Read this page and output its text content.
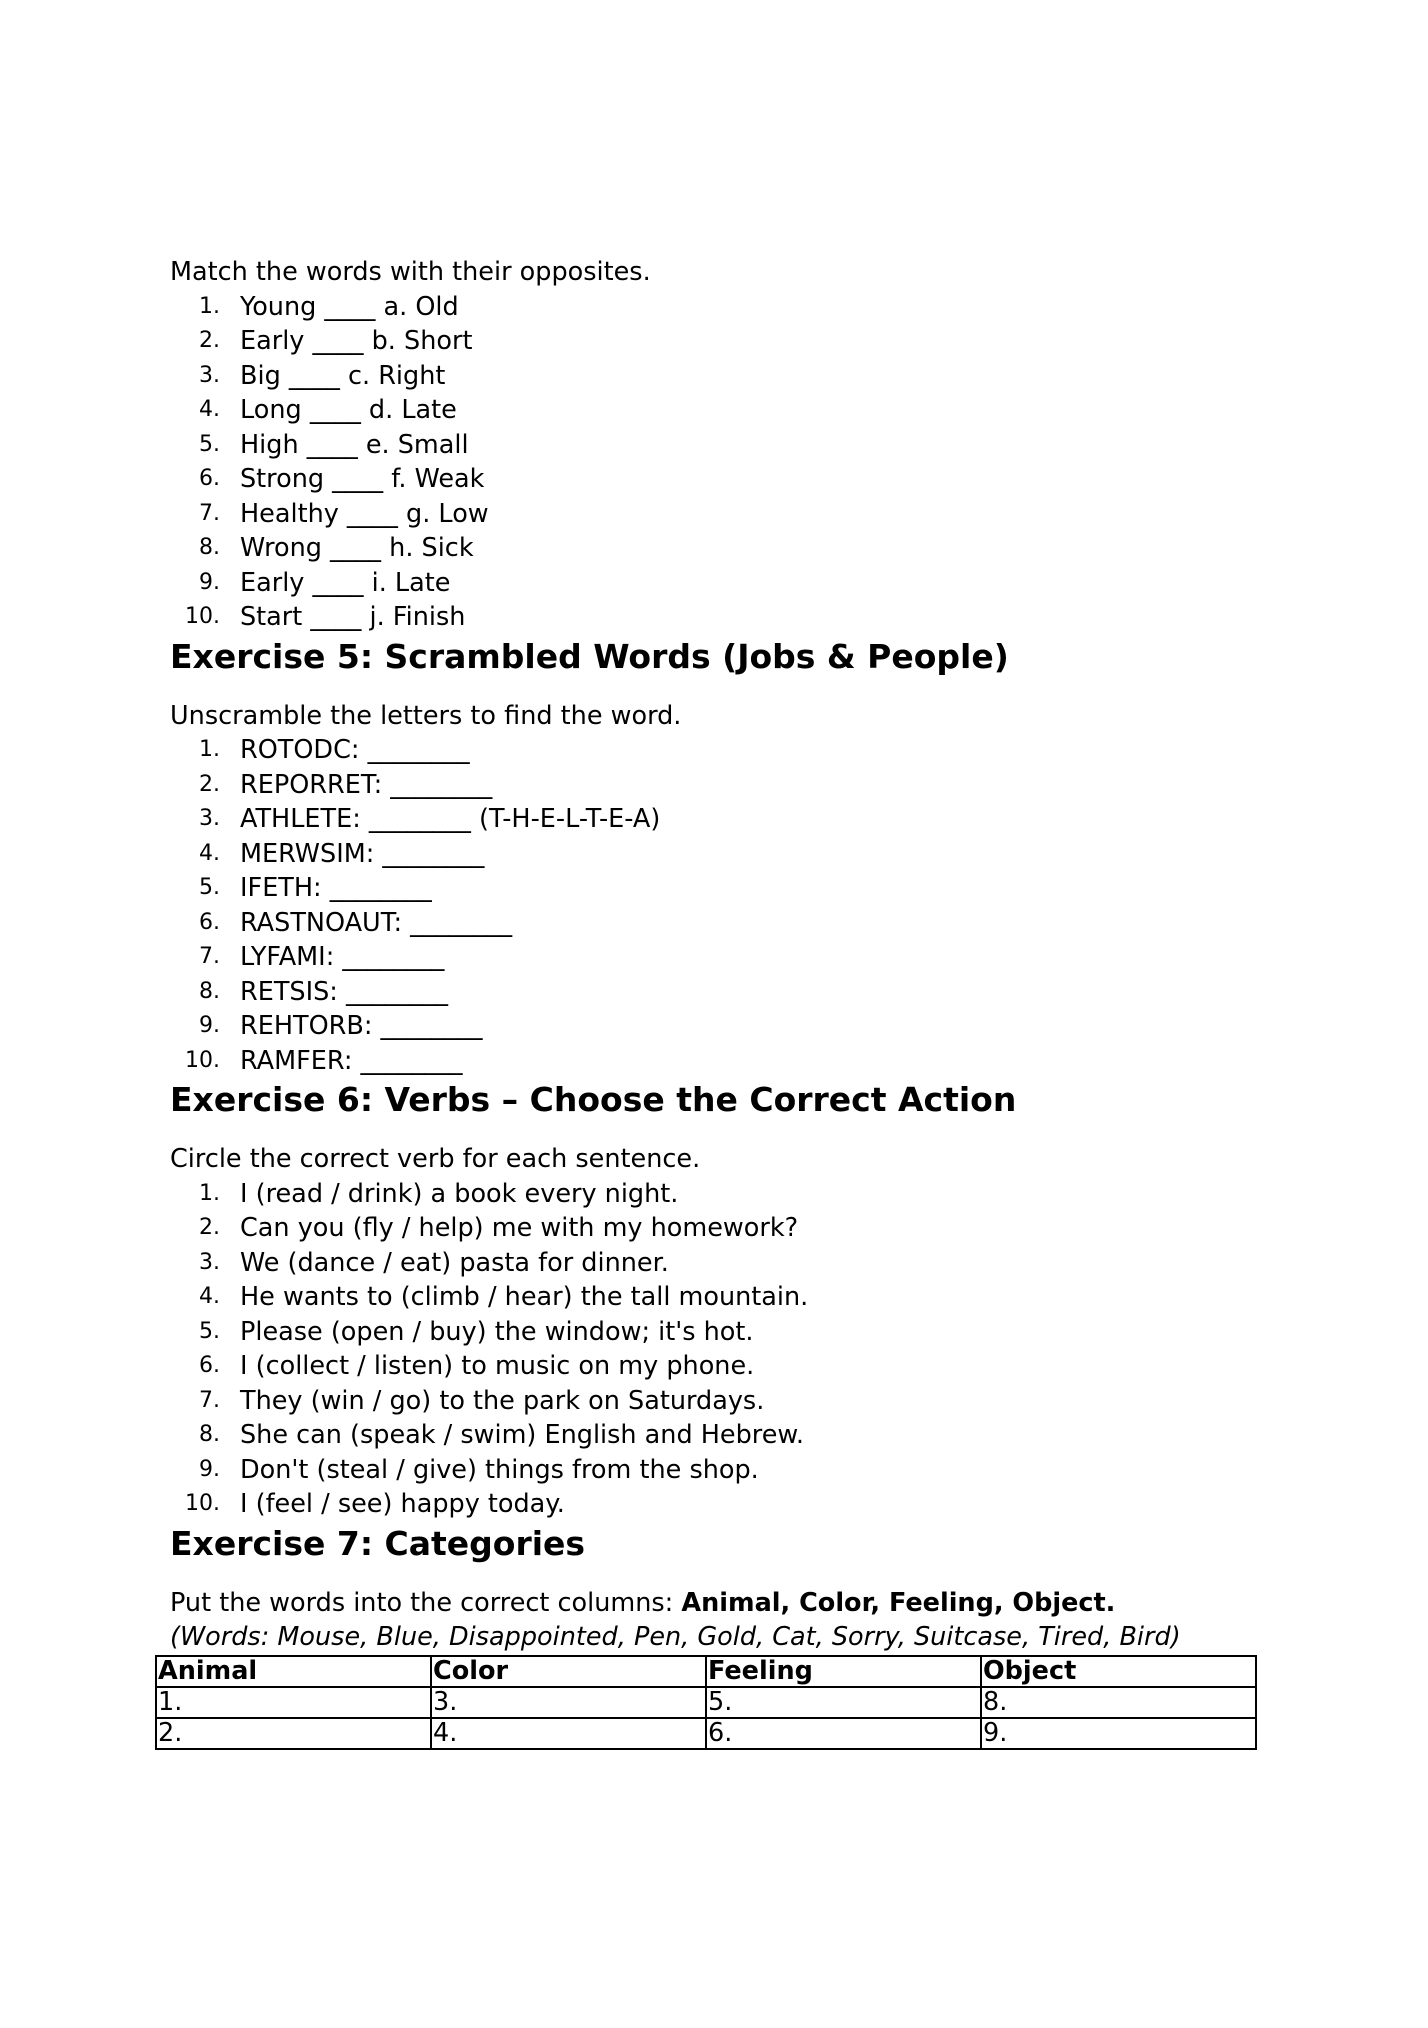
Match the words with their opposites.

1. Young ____ a. Old
2. Early ____ b. Short
3. Big ____ c. Right
4. Long ____ d. Late
5. High ____ e. Small
6. Strong ____ f. Weak
7. Healthy ____ g. Low
8. Wrong ____ h. Sick
9. Early ____ i. Late
10. Start ____ j. Finish
Exercise 5: Scrambled Words (Jobs & People)

Unscramble the letters to find the word.

1. ROTODC: ________
2. REPORRET: ________
3. ATHLETE: ________ (T-H-E-L-T-E-A)
4. MERWSIM: ________
5. IFETH: ________
6. RASTNOAUT: ________
7. LYFAMI: ________
8. RETSIS: ________
9. REHTORB: ________
10. RAMFER: ________
Exercise 6: Verbs – Choose the Correct Action

Circle the correct verb for each sentence.

1. I (read / drink) a book every night.
2. Can you (fly / help) me with my homework?
3. We (dance / eat) pasta for dinner.
4. He wants to (climb / hear) the tall mountain.
5. Please (open / buy) the window; it's hot.
6. I (collect / listen) to music on my phone.
7. They (win / go) to the park on Saturdays.
8. She can (speak / swim) English and Hebrew.
9. Don't (steal / give) things from the shop.
10. I (feel / see) happy today.
Exercise 7: Categories

Put the words into the correct columns: Animal, Color, Feeling, Object.

(Words: Mouse, Blue, Disappointed, Pen, Gold, Cat, Sorry, Suitcase, Tired, Bird)

Animal	Color	Feeling	Object
1.	3.	5.	8.
2.	4.	6.	9.
